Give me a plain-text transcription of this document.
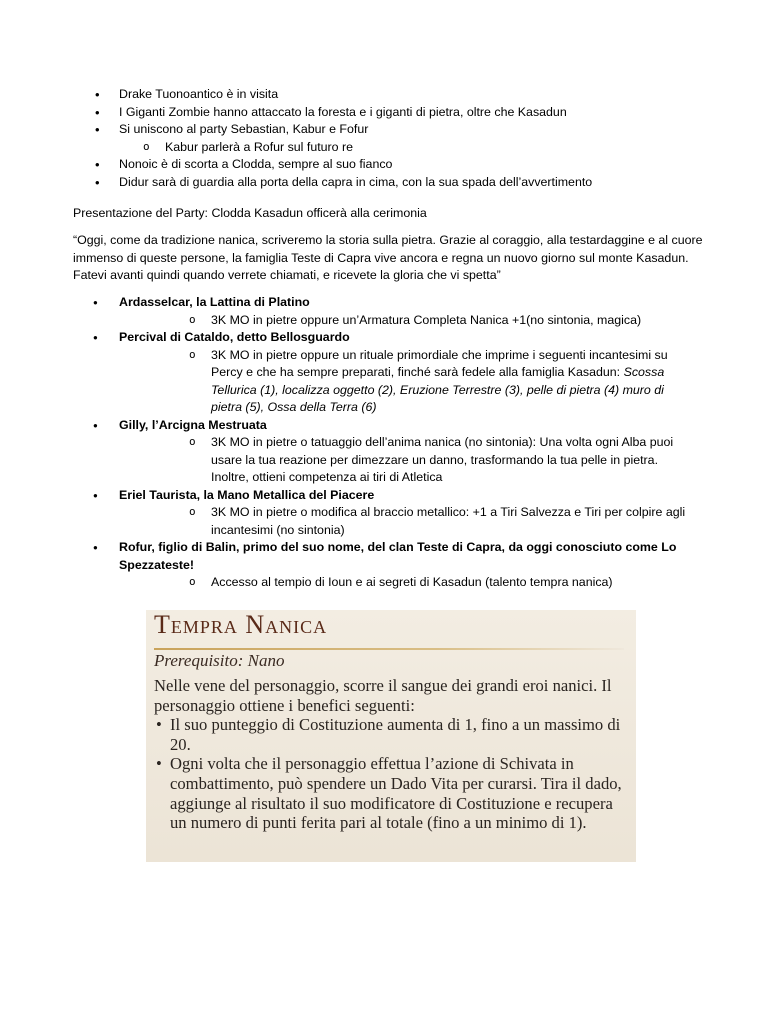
• Drake Tuonoantico è in visita
• I Giganti Zombie hanno attaccato la foresta e i giganti di pietra, oltre che Kasadun
• Si uniscono al party Sebastian, Kabur e Fofur
o Kabur parlerà a Rofur sul futuro re
• Nonoic è di scorta a Clodda, sempre al suo fianco
• Didur sarà di guardia alla porta della capra in cima, con la sua spada dell’avvertimento

Presentazione del Party: Clodda Kasadun officerà alla cerimonia

“Oggi, come da tradizione nanica, scriveremo la storia sulla pietra. Grazie al coraggio, alla testardaggine e al cuore immenso di queste persone, la famiglia Teste di Capra vive ancora e regna un nuovo giorno sul monte Kasadun. Fatevi avanti quindi quando verrete chiamati, e ricevete la gloria che vi spetta”

● Ardasselcar, la Lattina di Platino
o 3K MO in pietre oppure un’Armatura Completa Nanica +1(no sintonia, magica)
● Percival di Cataldo, detto Bellosguardo
o 3K MO in pietre oppure un rituale primordiale che imprime i seguenti incantesimi su Percy e che ha sempre preparati, finché sarà fedele alla famiglia Kasadun: Scossa Tellurica (1), localizza oggetto (2), Eruzione Terrestre (3), pelle di pietra (4) muro di pietra (5), Ossa della Terra (6)
● Gilly, l’Arcigna Mestruata
o 3K MO in pietre o tatuaggio dell’anima nanica (no sintonia): Una volta ogni Alba puoi usare la tua reazione per dimezzare un danno, trasformando la tua pelle in pietra. Inoltre, ottieni competenza ai tiri di Atletica
● Eriel Taurista, la Mano Metallica del Piacere
o 3K MO in pietre o modifica al braccio metallico: +1 a Tiri Salvezza e Tiri per colpire agli incantesimi (no sintonia)
● Rofur, figlio di Balin, primo del suo nome, del clan Teste di Capra, da oggi conosciuto come Lo Spezzateste!
o Accesso al tempio di Ioun e ai segreti di Kasadun (talento tempra nanica)
Tempra Nanica
Prerequisito: Nano
Nelle vene del personaggio, scorre il sangue dei grandi eroi nanici. Il personaggio ottiene i benefici seguenti:
• Il suo punteggio di Costituzione aumenta di 1, fino a un massimo di 20.
• Ogni volta che il personaggio effettua l’azione di Schivata in combattimento, può spendere un Dado Vita per curarsi. Tira il dado, aggiunge al risultato il suo modificatore di Costituzione e recupera un numero di punti ferita pari al totale (fino a un minimo di 1).
